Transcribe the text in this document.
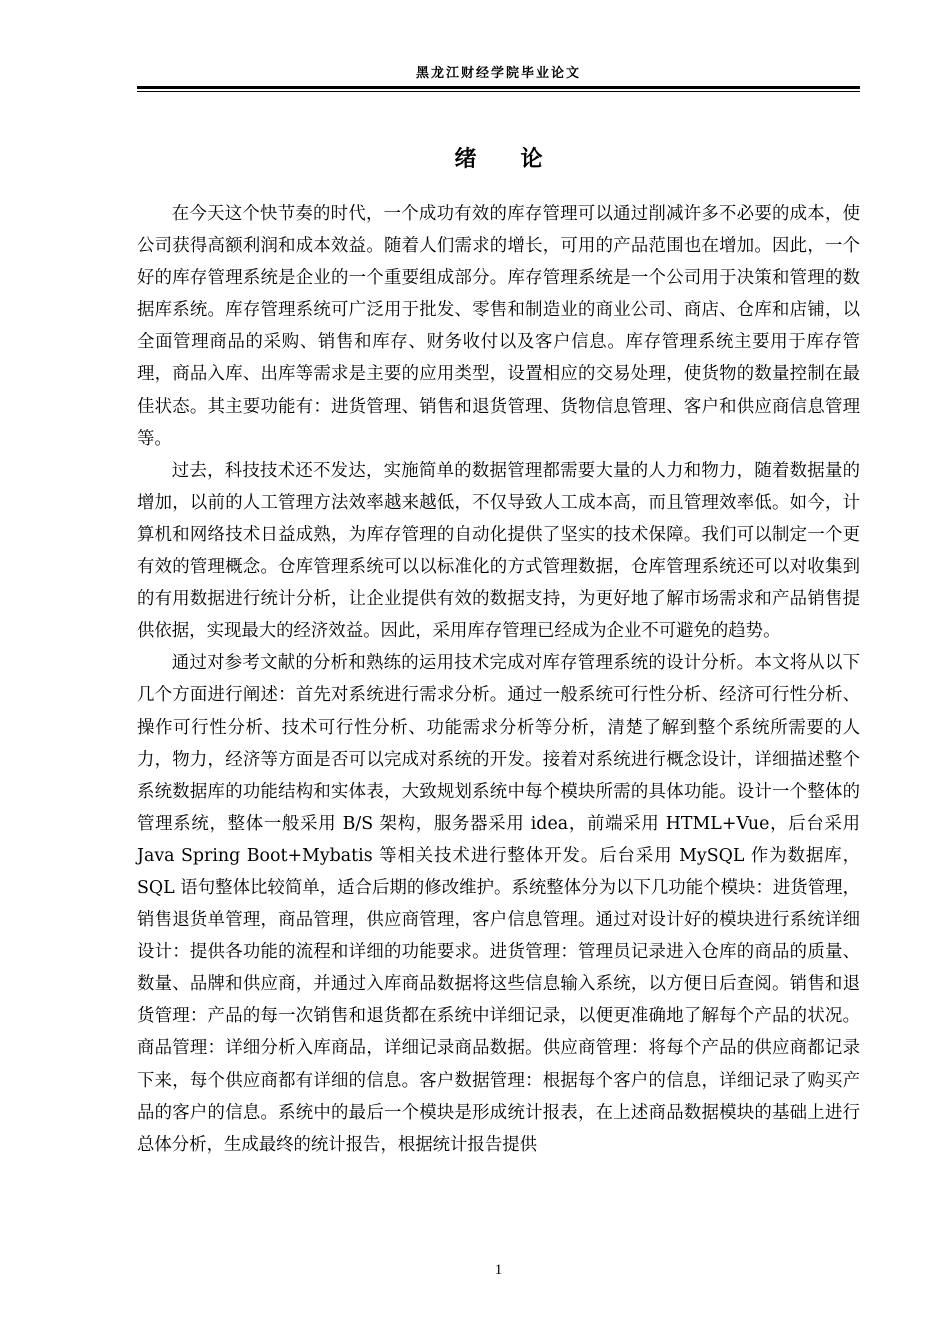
黑龙江财经学院毕业论文
绪　　论

在今天这个快节奏的时代，一个成功有效的库存管理可以通过削减许多不必要的成本，使公司获得高额利润和成本效益。随着人们需求的增长，可用的产品范围也在增加。因此，一个好的库存管理系统是企业的一个重要组成部分。库存管理系统是一个公司用于决策和管理的数据库系统。库存管理系统可广泛用于批发、零售和制造业的商业公司、商店、仓库和店铺，以全面管理商品的采购、销售和库存、财务收付以及客户信息。库存管理系统主要用于库存管理，商品入库、出库等需求是主要的应用类型，设置相应的交易处理，使货物的数量控制在最佳状态。其主要功能有：进货管理、销售和退货管理、货物信息管理、客户和供应商信息管理等。

过去，科技技术还不发达，实施简单的数据管理都需要大量的人力和物力，随着数据量的增加，以前的人工管理方法效率越来越低，不仅导致人工成本高，而且管理效率低。如今，计算机和网络技术日益成熟，为库存管理的自动化提供了坚实的技术保障。我们可以制定一个更有效的管理概念。仓库管理系统可以以标准化的方式管理数据，仓库管理系统还可以对收集到的有用数据进行统计分析，让企业提供有效的数据支持，为更好地了解市场需求和产品销售提供依据，实现最大的经济效益。因此，采用库存管理已经成为企业不可避免的趋势。

通过对参考文献的分析和熟练的运用技术完成对库存管理系统的设计分析。本文将从以下几个方面进行阐述：首先对系统进行需求分析。通过一般系统可行性分析、经济可行性分析、操作可行性分析、技术可行性分析、功能需求分析等分析，清楚了解到整个系统所需要的人力，物力，经济等方面是否可以完成对系统的开发。接着对系统进行概念设计，详细描述整个系统数据库的功能结构和实体表，大致规划系统中每个模块所需的具体功能。设计一个整体的管理系统，整体一般采用 B/S 架构，服务器采用 idea，前端采用 HTML+Vue，后台采用 Java Spring Boot+Mybatis 等相关技术进行整体开发。后台采用 MySQL 作为数据库，SQL 语句整体比较简单，适合后期的修改维护。系统整体分为以下几功能个模块：进货管理，销售退货单管理，商品管理，供应商管理，客户信息管理。通过对设计好的模块进行系统详细设计：提供各功能的流程和详细的功能要求。进货管理：管理员记录进入仓库的商品的质量、数量、品牌和供应商，并通过入库商品数据将这些信息输入系统，以方便日后查阅。销售和退货管理：产品的每一次销售和退货都在系统中详细记录，以便更准确地了解每个产品的状况。商品管理：详细分析入库商品，详细记录商品数据。供应商管理：将每个产品的供应商都记录下来，每个供应商都有详细的信息。客户数据管理：根据每个客户的信息，详细记录了购买产品的客户的信息。系统中的最后一个模块是形成统计报表，在上述商品数据模块的基础上进行总体分析，生成最终的统计报告，根据统计报告提供

1
